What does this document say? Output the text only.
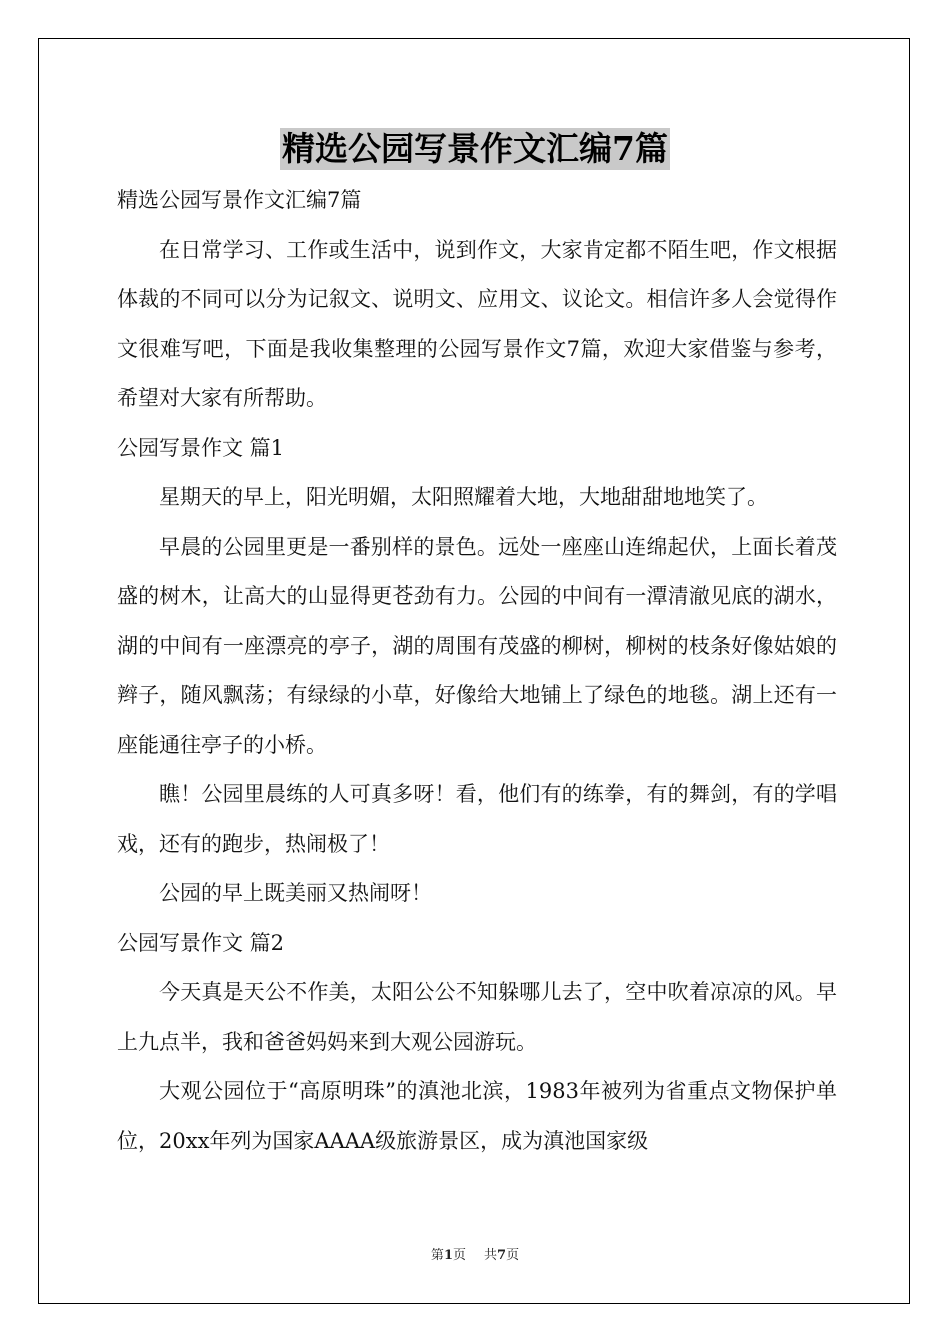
精选公园写景作文汇编7篇

精选公园写景作文汇编7篇

在日常学习、工作或生活中，说到作文，大家肯定都不陌生吧，作文根据体裁的不同可以分为记叙文、说明文、应用文、议论文。相信许多人会觉得作文很难写吧，下面是我收集整理的公园写景作文7篇，欢迎大家借鉴与参考，希望对大家有所帮助。

公园写景作文 篇1

星期天的早上，阳光明媚，太阳照耀着大地，大地甜甜地地笑了。

早晨的公园里更是一番别样的景色。远处一座座山连绵起伏，上面长着茂盛的树木，让高大的山显得更苍劲有力。公园的中间有一潭清澈见底的湖水，湖的中间有一座漂亮的亭子，湖的周围有茂盛的柳树，柳树的枝条好像姑娘的辫子，随风飘荡；有绿绿的小草，好像给大地铺上了绿色的地毯。湖上还有一座能通往亭子的小桥。

瞧！公园里晨练的人可真多呀！看，他们有的练拳，有的舞剑，有的学唱戏，还有的跑步，热闹极了！

公园的早上既美丽又热闹呀！

公园写景作文 篇2

今天真是天公不作美，太阳公公不知躲哪儿去了，空中吹着凉凉的风。早上九点半，我和爸爸妈妈来到大观公园游玩。

大观公园位于“高原明珠”的滇池北滨，1983年被列为省重点文物保护单位，20xx年列为国家AAAA级旅游景区，成为滇池国家级

第1页 共7页
